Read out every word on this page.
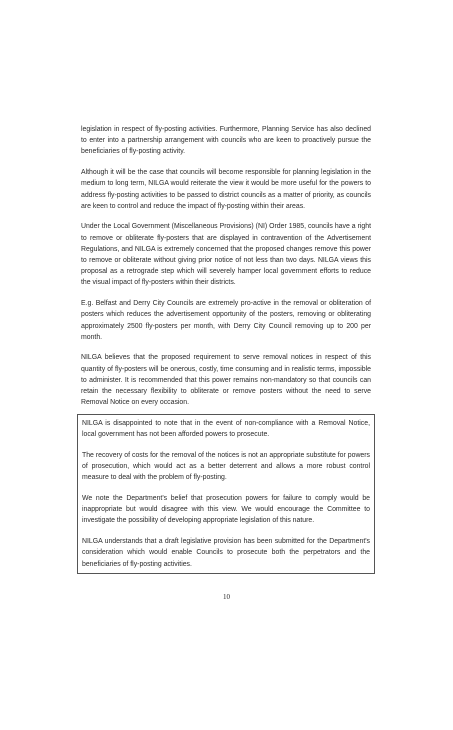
legislation in respect of fly-posting activities. Furthermore, Planning Service has also declined to enter into a partnership arrangement with councils who are keen to proactively pursue the beneficiaries of fly-posting activity.

Although it will be the case that councils will become responsible for planning legislation in the medium to long term, NILGA would reiterate the view it would be more useful for the powers to address fly-posting activities to be passed to district councils as a matter of priority, as councils are keen to control and reduce the impact of fly-posting within their areas.

Under the Local Government (Miscellaneous Provisions) (NI) Order 1985, councils have a right to remove or obliterate fly-posters that are displayed in contravention of the Advertisement Regulations, and NILGA is extremely concerned that the proposed changes remove this power to remove or obliterate without giving prior notice of not less than two days. NILGA views this proposal as a retrograde step which will severely hamper local government efforts to reduce the visual impact of fly-posters within their districts.

E.g. Belfast and Derry City Councils are extremely pro-active in the removal or obliteration of posters which reduces the advertisement opportunity of the posters, removing or obliterating approximately 2500 fly-posters per month, with Derry City Council removing up to 200 per month.

NILGA believes that the proposed requirement to serve removal notices in respect of this quantity of fly-posters will be onerous, costly, time consuming and in realistic terms, impossible to administer. It is recommended that this power remains non-mandatory so that councils can retain the necessary flexibility to obliterate or remove posters without the need to serve Removal Notice on every occasion.

NILGA is disappointed to note that in the event of non-compliance with a Removal Notice, local government has not been afforded powers to prosecute.

The recovery of costs for the removal of the notices is not an appropriate substitute for powers of prosecution, which would act as a better deterrent and allows a more robust control measure to deal with the problem of fly-posting.

We note the Department's belief that prosecution powers for failure to comply would be inappropriate but would disagree with this view. We would encourage the Committee to investigate the possibility of developing appropriate legislation of this nature.

NILGA understands that a draft legislative provision has been submitted for the Department's consideration which would enable Councils to prosecute both the perpetrators and the beneficiaries of fly-posting activities.

10
